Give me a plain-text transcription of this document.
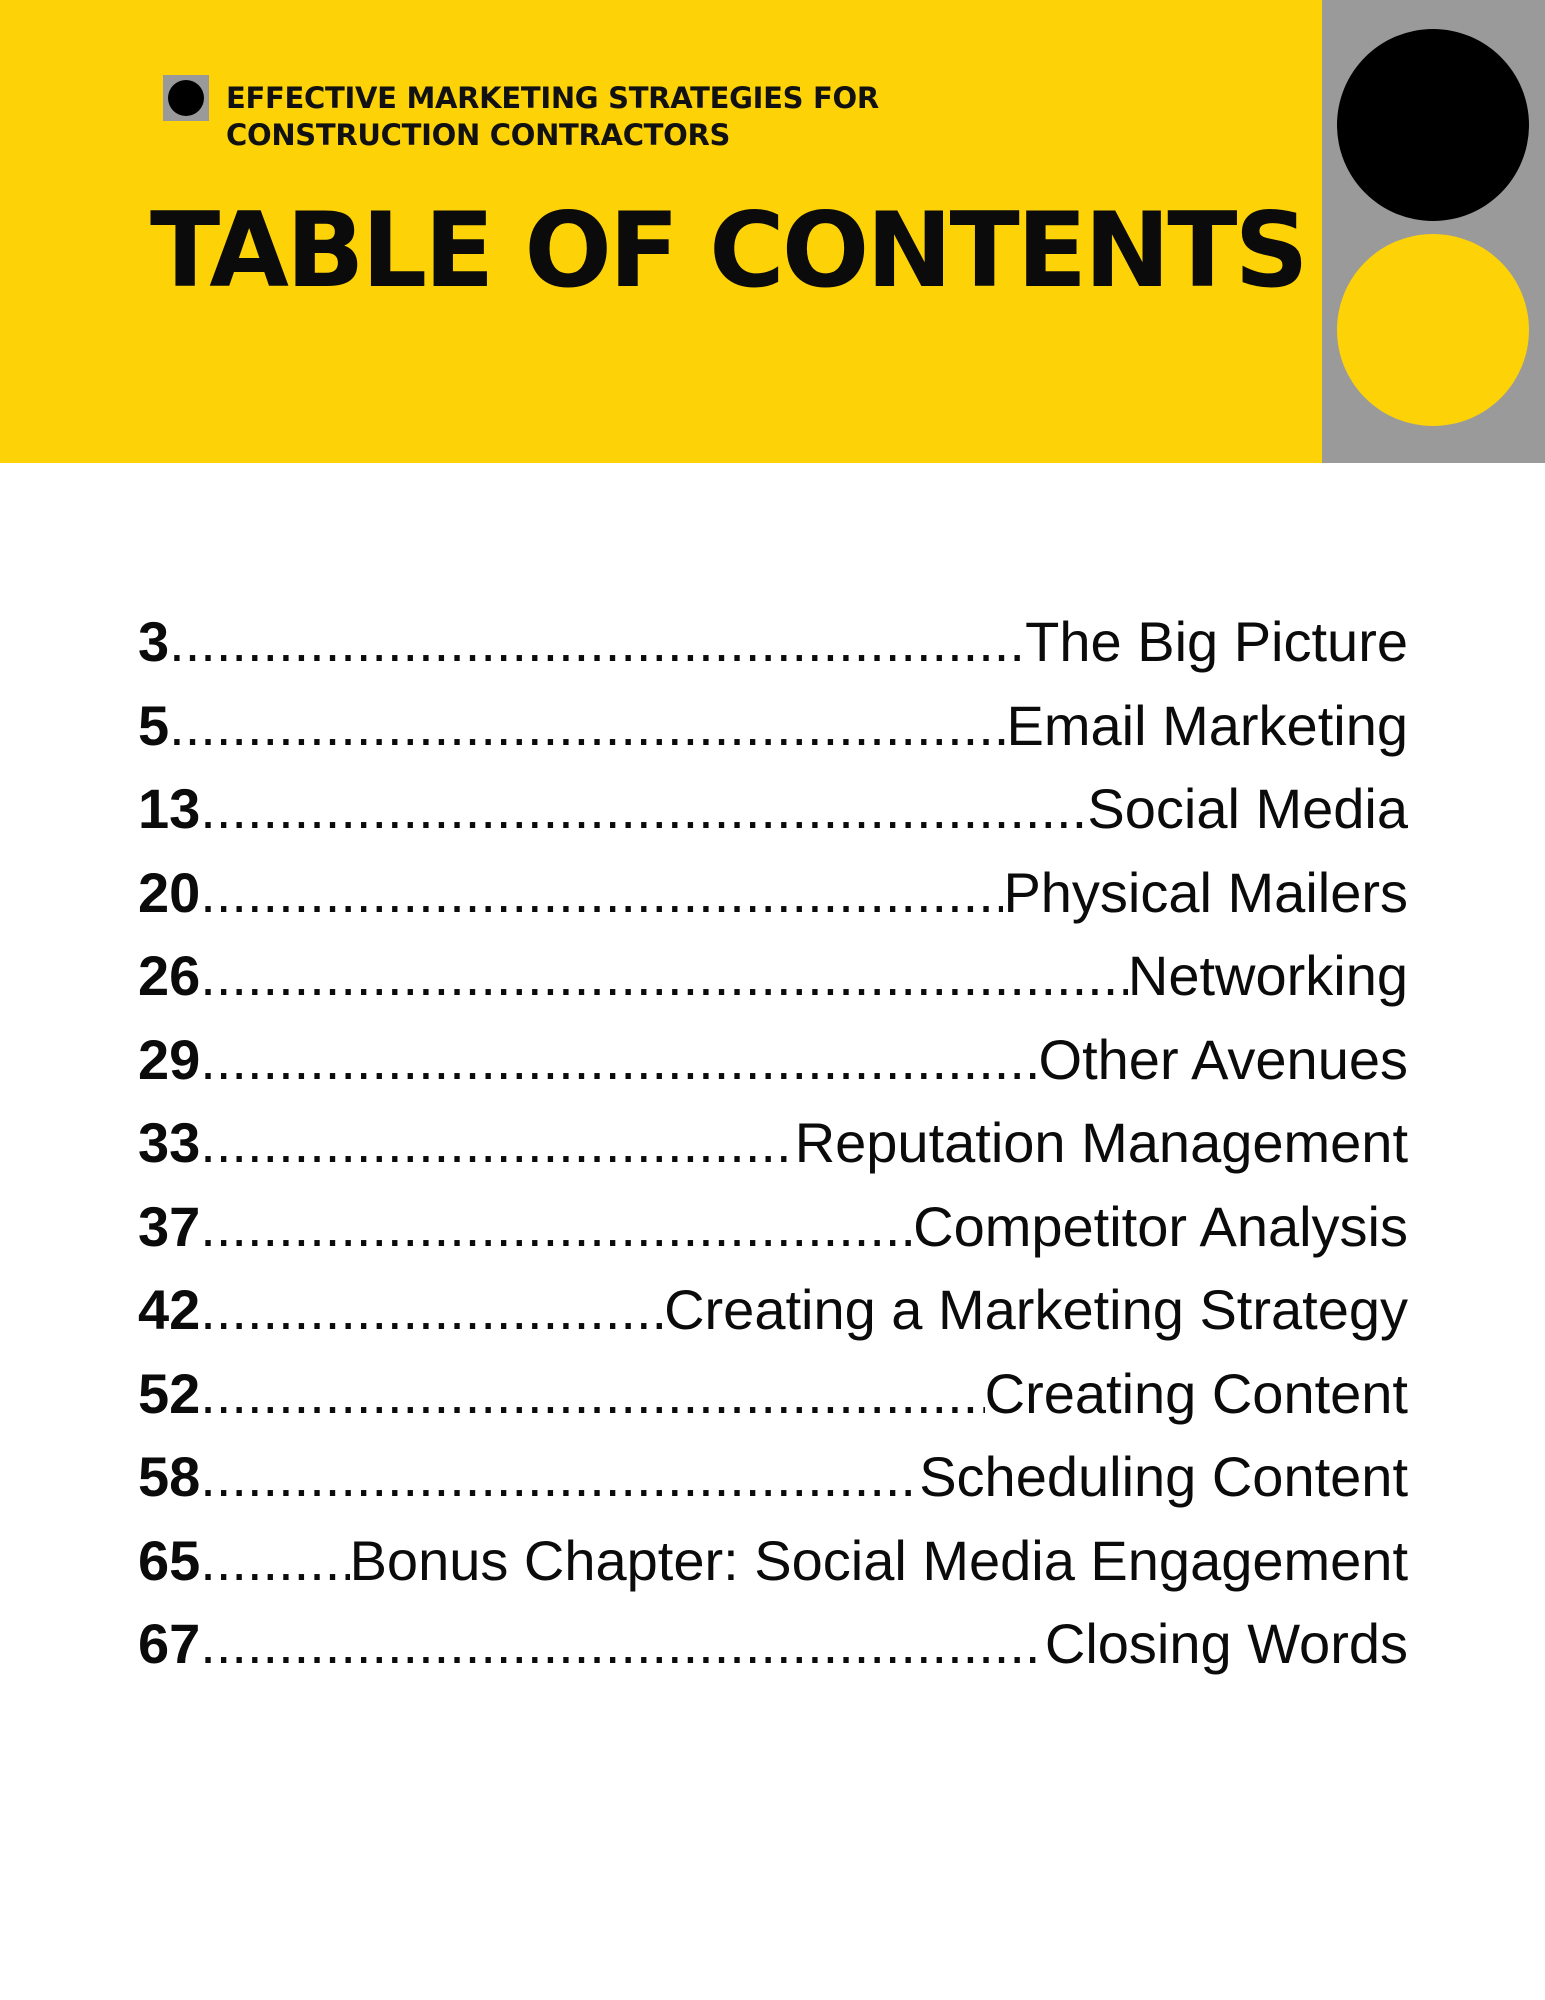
EFFECTIVE MARKETING STRATEGIES FOR
CONSTRUCTION CONTRACTORS

TABLE OF CONTENTS
3 .....	The Big Picture
5 .....	Email Marketing
13 .....	Social Media
20 .....	Physical Mailers
26 .....	Networking
29 .....	Other Avenues
33 .....	Reputation Management
37 .....	Competitor Analysis
42 .....	Creating a Marketing Strategy
52 .....	Creating Content
58 .....	Scheduling Content
65 .....	Bonus Chapter: Social Media Engagement
67 .....	Closing Words
